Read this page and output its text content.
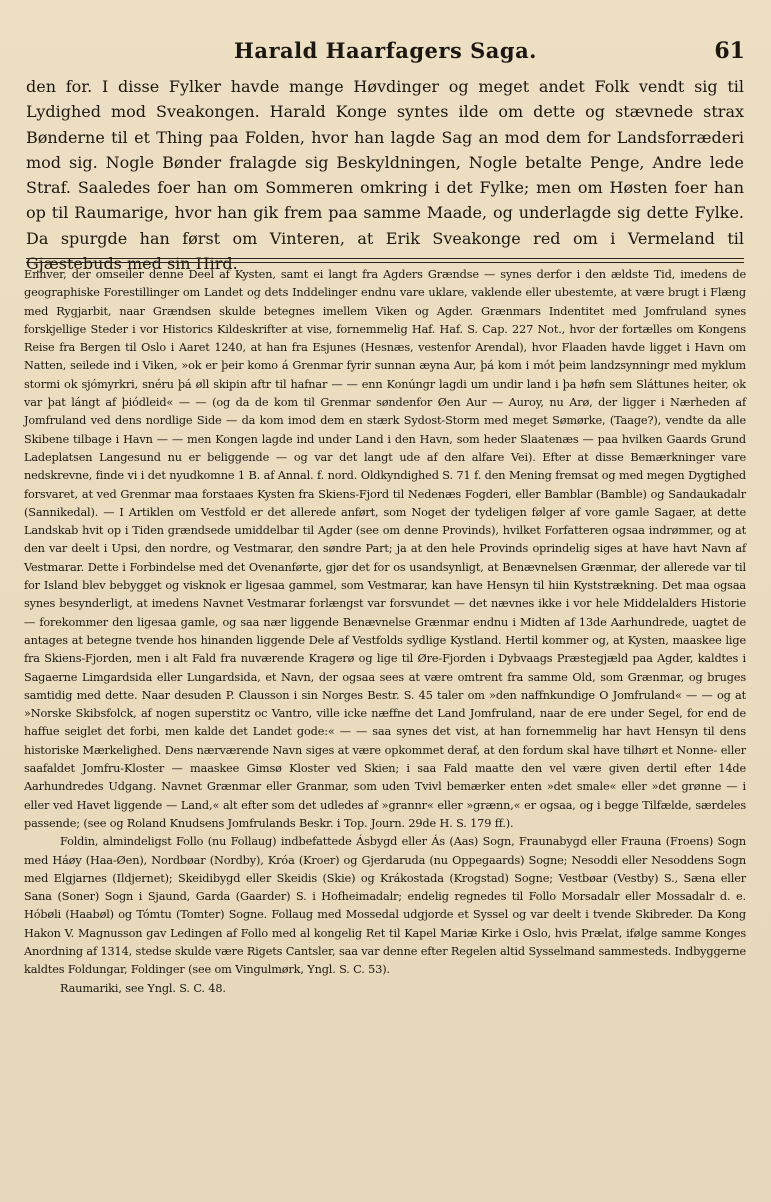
Harald Haarfagers Saga.	61

den for. I disse Fylker havde mange Høvdinger og meget andet Folk vendt sig til Lydighed mod Sveakongen. Harald Konge syntes ilde om dette og stævnede strax Bønderne til et Thing paa Folden, hvor han lagde Sag an mod dem for Landsforræderi mod sig. Nogle Bønder fralagde sig Beskyldningen, Nogle betalte Penge, Andre lede Straf. Saaledes foer han om Sommeren omkring i det Fylke; men om Høsten foer han op til Raumarige, hvor han gik frem paa samme Maade, og underlagde sig dette Fylke. Da spurgde han først om Vinteren, at Erik Sveakonge red om i Vermeland til Gjæstebuds med sin Hird.

Enhver, der omseiler denne Deel af Kysten, samt ei langt fra Agders Grændse — synes derfor i den ældste Tid, imedens de geographiske Forestillinger om Landet og dets Inddelinger endnu vare uklare, vaklende eller ubestemte, at være brugt i Flæng med Rygjarbit, naar Grændsen skulde betegnes imellem Viken og Agder. Grænmars Indentitet med Jomfruland synes forskjellige Steder i vor Historics Kildeskrifter at vise, fornemmelig Haf. Haf. S. Cap. 227 Not., hvor der fortælles om Kongens Reise fra Bergen til Oslo i Aaret 1240, at han fra Esjunes (Hesnæs, vestenfor Arendal), hvor Flaaden havde ligget i Havn om Natten, seilede ind i Viken, »ok er þeir komo á Grenmar fyrir sunnan æyna Aur, þá kom i mót þeim landzsynningr med myklum stormi ok sjómyrkri, snéru þá øll skipin aftr til hafnar — — enn Konúngr lagdi um undir land i þa høfn sem Sláttunes heiter, ok var þat lángt af þiódleid« — — (og da de kom til Grenmar søndenfor Øen Aur — Auroy, nu Arø, der ligger i Nærheden af Jomfruland ved dens nordlige Side — da kom imod dem en stærk Sydost-Storm med meget Sømørke, (Taage?), vendte da alle Skibene tilbage i Havn — — men Kongen lagde ind under Land i den Havn, som heder Slaatenæs — paa hvilken Gaards Grund Ladeplatsen Langesund nu er beliggende — og var det langt ude af den alfare Vei). Efter at disse Bemærkninger vare nedskrevne, finde vi i det nyudkomne 1 B. af Annal. f. nord. Oldkyndighed S. 71 f. den Mening fremsat og med megen Dygtighed forsvaret, at ved Grenmar maa forstaaes Kysten fra Skiens-Fjord til Nedenæs Fogderi, eller Bamblar (Bamble) og Sandaukadalr (Sannikedal). — I Artiklen om Vestfold er det allerede anført, som Noget der tydeligen følger af vore gamle Sagaer, at dette Landskab hvit op i Tiden grændsede umiddelbar til Agder (see om denne Provinds), hvilket Forfatteren ogsaa indrømmer, og at den var deelt i Upsi, den nordre, og Vestmarar, den søndre Part; ja at den hele Provinds oprindelig siges at have havt Navn af Vestmarar. Dette i Forbindelse med det Ovenanførte, gjør det for os usandsynligt, at Benævnelsen Grænmar, der allerede var til for Island blev bebygget og visknok er ligesaa gammel, som Vestmarar, kan have Hensyn til hiin Kyststrækning. Det maa ogsaa synes besynderligt, at imedens Navnet Vestmarar forlængst var forsvundet — det nævnes ikke i vor hele Middelalders Historie — forekommer den ligesaa gamle, og saa nær liggende Benævnelse Grænmar endnu i Midten af 13de Aarhundrede, uagtet de antages at betegne tvende hos hinanden liggende Dele af Vestfolds sydlige Kystland. Hertil kommer og, at Kysten, maaskee lige fra Skiens-Fjorden, men i alt Fald fra nuværende Kragerø og lige til Øre-Fjorden i Dybvaags Præstegjæld paa Agder, kaldtes i Sagaerne Limgardsida eller Lungardsida, et Navn, der ogsaa sees at være omtrent fra samme Old, som Grænmar, og bruges samtidig med dette. Naar desuden P. Clausson i sin Norges Bestr. S. 45 taler om »den naffnkundige O Jomfruland« — — og at »Norske Skibsfolck, af nogen superstitz oc Vantro, ville icke næffne det Land Jomfruland, naar de ere under Segel, for end de haffue seiglet det forbi, men kalde det Landet gode:« — — saa synes det vist, at han fornemmelig har havt Hensyn til dens historiske Mærkelighed. Dens nærværende Navn siges at være opkommet deraf, at den fordum skal have tilhørt et Nonne- eller saafaldet Jomfru-Kloster — maaskee Gimsø Kloster ved Skien; i saa Fald maatte den vel være given dertil efter 14de Aarhundredes Udgang. Navnet Grænmar eller Granmar, som uden Tvivl bemærker enten »det smale« eller »det grønne — i eller ved Havet liggende — Land,« alt efter som det udledes af »grannr« eller »grænn,« er ogsaa, og i begge Tilfælde, særdeles passende; (see og Roland Knudsens Jomfrulands Beskr. i Top. Journ. 29de H. S. 179 ff.).

Foldin, almindeligst Follo (nu Follaug) indbefattede Ásbygd eller Ás (Aas) Sogn, Fraunabygd eller Frauna (Froens) Sogn med Háøy (Haa-Øen), Nordbøar (Nordby), Króa (Kroer) og Gjerdaruda (nu Oppegaards) Sogne; Nesoddi eller Nesoddens Sogn med Elgjarnes (Ildjernet); Skeidibygd eller Skeidis (Skie) og Krákostada (Krogstad) Sogne; Vestbøar (Vestby) S., Sæna eller Sana (Soner) Sogn i Sjaund, Garda (Gaarder) S. i Hofheimadalr; endelig regnedes til Follo Morsadalr eller Mossadalr d. e. Hóbøli (Haabøl) og Tómtu (Tomter) Sogne. Follaug med Mossedal udgjorde et Syssel og var deelt i tvende Skibreder. Da Kong Hakon V. Magnusson gav Ledingen af Follo med al kongelig Ret til Kapel Mariæ Kirke i Oslo, hvis Prælat, ifølge samme Konges Anordning af 1314, stedse skulde være Rigets Cantsler, saa var denne efter Regelen altid Sysselmand sammesteds. Indbyggerne kaldtes Foldungar, Foldinger (see om Vingulmørk, Yngl. S. C. 53).

Raumariki, see Yngl. S. C. 48.
